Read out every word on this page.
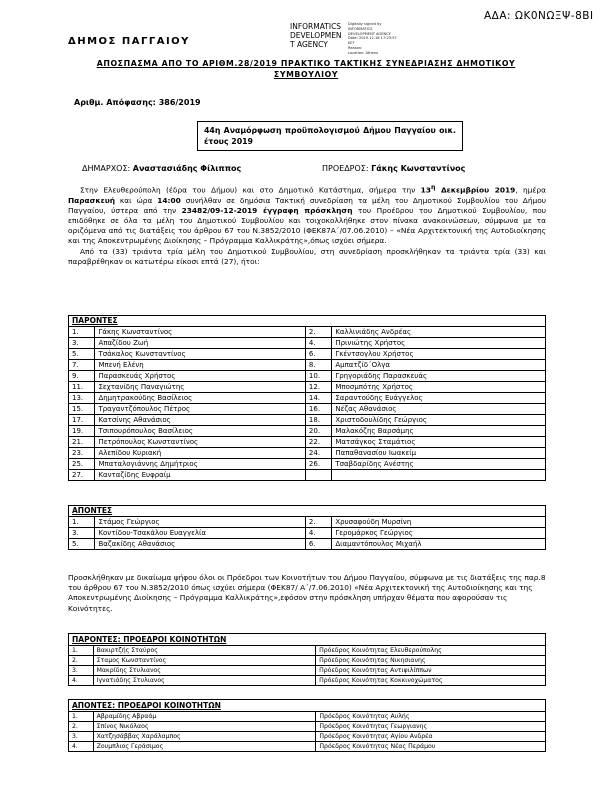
ΑΔΑ: ΩΚ0ΝΩΞΨ-8ΒΙ
ΔΗΜΟΣ ΠΑΓΓΑΙΟΥ
INFORMATICS
DEVELOPMEN
T AGENCY
Digitally signed by
INFORMATICS
DEVELOPMENT AGENCY
Date: 2019.12.18 17:23:57
EET
Reason:
Location: Athens
ΑΠΟΣΠΑΣΜΑ ΑΠΟ ΤΟ ΑΡΙΘΜ.28/2019 ΠΡΑΚΤΙΚΟ ΤΑΚΤΙΚΗΣ ΣΥΝΕΔΡΙΑΣΗΣ ΔΗΜΟΤΙΚΟΥ
ΣΥΜΒΟΥΛΙΟΥ
Αριθμ. Απόφασης: 386/2019
44η Αναμόρφωση προϋπολογισμού Δήμου Παγγαίου οικ. έτους 2019
ΔΗΜΑΡΧΟΣ: Αναστασιάδης Φίλιππος	ΠΡΟΕΔΡΟΣ: Γάκης Κωνσταντίνος

Στην Ελευθερούπολη (έδρα του Δήμου) και στο Δημοτικό Κατάστημα, σήμερα την $13^\eta$ Δεκεμβρίου 2019, ημέρα Παρασκευή και ώρα 14:00 συνήλθαν σε δημόσια Τακτική συνεδρίαση τα μέλη του Δημοτικού Συμβουλίου του Δήμου Παγγαίου, ύστερα από την 23482/09-12-2019 έγγραφη πρόσκληση του Προέδρου του Δημοτικού Συμβουλίου, που επιδόθηκε σε όλα τα μέλη του Δημοτικού Συμβουλίου και τοιχοκολλήθηκε στον πίνακα ανακοινώσεων, σύμφωνα με τα οριζόμενα από τις διατάξεις του άρθρου 67 του Ν.3852/2010 (ΦΕΚ87Α΄/07.06.2010) – «Νέα Αρχιτεκτονική της Αυτοδιοίκησης και της Αποκεντρωμένης Διοίκησης – Πρόγραμμα Καλλικράτης»,όπως ισχύει σήμερα.

Από τα (33) τριάντα τρία μέλη του Δημοτικού Συμβουλίου, στη συνεδρίαση προσκλήθηκαν τα τριάντα τρία (33) και παραβρέθηκαν οι κατωτέρω είκοσι επτά (27), ήτοι:

ΠΑΡΟΝΤΕΣ			
1.	Γάκης Κωνσταντίνος	2.	Καλλινιάδης Ανδρέας
3.	Απαζίδου Ζωή	4.	Πρινιώτης Χρήστος
5.	Τσάκαλος Κωνσταντίνος	6.	Γκέντσογλου Χρήστος
7.	Μπενή Ελένη	8.	Αμπατζίδ΄Ολγα
9.	Παρασκευάς Χρήστος	10.	Γρηγοριάδης Παρασκευάς
11.	Σεχτανίδης Παναγιώτης	12.	Μποσμπότης Χρήστος
13.	Δημητρακούδης Βασίλειος	14.	Σαραντούδης Ευάγγελος
15.	Τραγαντζόπουλος Πέτρος	16.	Νέζας Αθανάσιος
17.	Κατσίνης Αθανάσιος	18.	Χριστοδουλίδης Γεώργιος
19.	Τσιπουρόπουλος Βασίλειος	20.	Μαλακόζης Βαρσάμης
21.	Πετρόπουλος Κωνσταντίνος	22.	Ματσάγκος Σταμάτιος
23.	Αλεπίδου Κυριακή	24.	Παπαθανασίου Ιωακείμ
25.	Μπαταλογιάννης Δημήτριος	26.	Τσαβδαρίδης Ανέστης
27.	Κανταζίδης Ευφραίμ		
ΑΠΟΝΤΕΣ			
1.	Στάμος Γεώργιος	2.	Χρυσαφούδη Μυρσίνη
3.	Κοντίδου-Τσακάλου Ευαγγελία	4.	Γερομάρκος Γεώργιος
5.	Βαζακίδης Αθανάσιος	6.	Διαμαντόπουλος Μιχαήλ

Προσκλήθηκαν με δικαίωμα ψήφου όλοι οι Πρόεδροι των Κοινοτήτων του Δήμου Παγγαίου, σύμφωνα με τις διατάξεις της παρ.8 του άρθρου 67 του Ν.3852/2010 όπως ισχύει σήμερα (ΦΕΚ87/ Α΄/7.06.2010) «Νέα Αρχιτεκτονική της Αυτοδιοίκησης και της Αποκεντρωμένης Διοίκησης – Πρόγραμμα Καλλικράτης»,εφόσον στην πρόσκληση υπήρχαν θέματα που αφορούσαν τις Κοινότητες.

ΠΑΡΟΝΤΕΣ: ΠΡΟΕΔΡΟΙ ΚΟΙΝΟΤΗΤΩΝ		
1.	Βακιρτζής Σταύρος	Πρόεδρος Κοινότητας Ελευθερούπολης
2.	Σταμος Κωνσταντίνος	Πρόεδρος Κοινότητας Νικησιανης
3.	Μακρίδης Στυλιανος	Πρόεδρος Κοινότητας Αντιφιλίππων
4.	Ιγνατιάδης Στυλιανος	Πρόεδρος Κοινότητας Κοκκινοχώματος
ΑΠΟΝΤΕΣ: ΠΡΟΕΔΡΟΙ ΚΟΙΝΟΤΗΤΩΝ		
1.	Αβραμίδης Αβραάμ	Πρόεδρος Κοινότητας Αυλής
2.	Σπίνος Νικόλαος	Πρόεδρος Κοινότητας Γεωργιανης
3.	Χατζησάββας Χαράλαμπος	Πρόεδρος Κοινότητας Αγίου Ανδρέα
4.	Ζουμπλιος Γεράσιμος	Πρόεδρος Κοινότητας Νέας Περάμου
